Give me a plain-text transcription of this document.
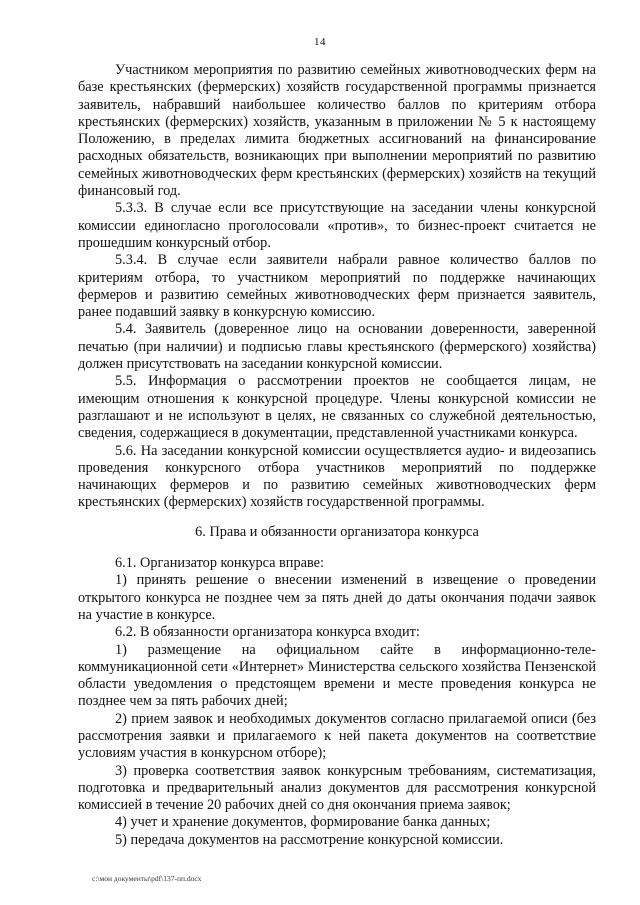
14

Участником мероприятия по развитию семейных животноводческих ферм на базе крестьянских (фермерских) хозяйств государственной программы признается заявитель, набравший наибольшее количество баллов по критериям отбора крестьянских (фермерских) хозяйств, указанным в приложении № 5 к настоящему Положению, в пределах лимита бюджетных ассигнований на финансирование расходных обязательств, возникающих при выполнении мероприятий по развитию семейных животноводческих ферм крестьянских (фермерских) хозяйств на текущий финансовый год.

5.3.3. В случае если все присутствующие на заседании члены конкурсной комиссии единогласно проголосовали «против», то бизнес-проект считается не прошедшим конкурсный отбор.

5.3.4. В случае если заявители набрали равное количество баллов по критериям отбора, то участником мероприятий по поддержке начинающих фермеров и развитию семейных животноводческих ферм признается заявитель, ранее подавший заявку в конкурсную комиссию.

5.4. Заявитель (доверенное лицо на основании доверенности, заверенной печатью (при наличии) и подписью главы крестьянского (фермерского) хозяйства) должен присутствовать на заседании конкурсной комиссии.

5.5. Информация о рассмотрении проектов не сообщается лицам, не имеющим отношения к конкурсной процедуре. Члены конкурсной комиссии не разглашают и не используют в целях, не связанных со служебной деятельностью, сведения, содержащиеся в документации, представленной участниками конкурса.

5.6. На заседании конкурсной комиссии осуществляется аудио- и видеозапись проведения конкурсного отбора участников мероприятий по поддержке начинающих фермеров и по развитию семейных животноводческих ферм крестьянских (фермерских) хозяйств государственной программы.

6. Права и обязанности организатора конкурса

6.1. Организатор конкурса вправе:

1) принять решение о внесении изменений в извещение о проведении открытого конкурса не позднее чем за пять дней до даты окончания подачи заявок на участие в конкурсе.

6.2. В обязанности организатора конкурса входит:

1) размещение на официальном сайте в информационно-теле-коммуникационной сети «Интернет» Министерства сельского хозяйства Пензенской области уведомления о предстоящем времени и месте проведения конкурса не позднее чем за пять рабочих дней;

2) прием заявок и необходимых документов согласно прилагаемой описи (без рассмотрения заявки и прилагаемого к ней пакета документов на соответствие условиям участия в конкурсном отборе);

3) проверка соответствия заявок конкурсным требованиям, систематизация, подготовка и предварительный анализ документов для рассмотрения конкурсной комиссией в течение 20 рабочих дней со дня окончания приема заявок;

4) учет и хранение документов, формирование банка данных;

5) передача документов на рассмотрение конкурсной комиссии.

c:\мои документы\pdf\137-пп.docx
